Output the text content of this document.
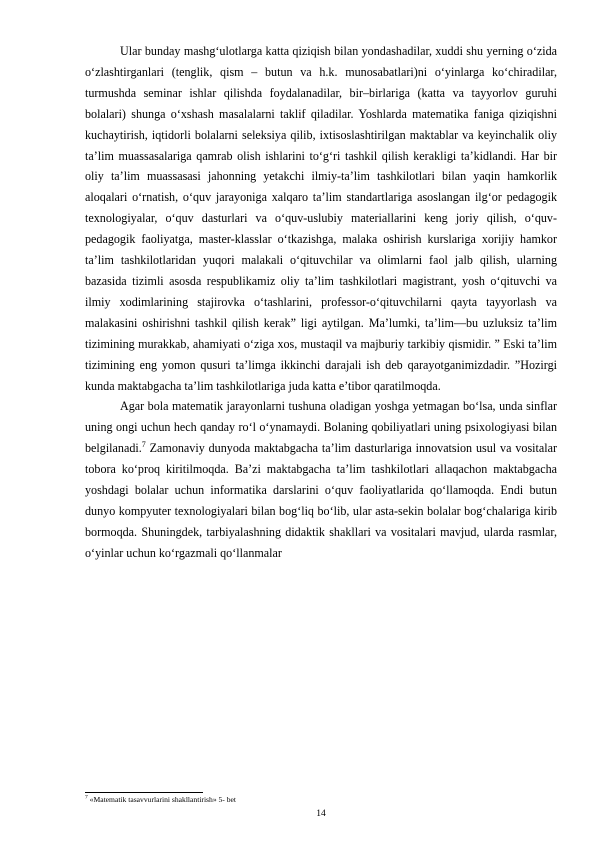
Ular bunday mashg‘ulotlarga katta qiziqish bilan yondashadilar, xuddi shu yerning o‘zida o‘zlashtirganlari (tenglik, qism – butun va h.k. munosabatlari)ni o‘yinlarga ko‘chiradilar, turmushda seminar ishlar qilishda foydalanadilar, bir–birlariga (katta va tayyorlov guruhi bolalari) shunga o‘xshash masalalarni taklif qiladilar. Yoshlarda matematika faniga qiziqishni kuchaytirish, iqtidorli bolalarni seleksiya qilib, ixtisoslashtirilgan maktablar va keyinchalik oliy ta’lim muassasalariga qamrab olish ishlarini to‘g‘ri tashkil qilish kerakligi ta’kidlandi. Har bir oliy ta’lim muassasasi jahonning yetakchi ilmiy-ta’lim tashkilotlari bilan yaqin hamkorlik aloqalari o‘rnatish, o‘quv jarayoniga xalqaro ta’lim standartlariga asoslangan ilg‘or pedagogik texnologiyalar, o‘quv dasturlari va o‘quv-uslubiy materiallarini keng joriy qilish, o‘quv-pedagogik faoliyatga, master-klasslar o‘tkazishga, malaka oshirish kurslariga xorijiy hamkor ta’lim tashkilotlaridan yuqori malakali o‘qituvchilar va olimlarni faol jalb qilish, ularning bazasida tizimli asosda respublikamiz oliy ta’lim tashkilotlari magistrant, yosh o‘qituvchi va ilmiy xodimlarining stajirovka o‘tashlarini, professor-o‘qituvchilarni qayta tayyorlash va malakasini oshirishni tashkil qilish kerak” ligi aytilgan. Ma’lumki, ta’lim—bu uzluksiz ta’lim tizimining murakkab, ahamiyati o‘ziga xos, mustaqil va majburiy tarkibiy qismidir. ” Eski ta’lim tizimining eng yomon qusuri ta’limga ikkinchi darajali ish deb qarayotganimizdadir. ”Hozirgi kunda maktabgacha ta’lim tashkilotlariga juda katta e’tibor qaratilmoqda.

Agar bola matematik jarayonlarni tushuna oladigan yoshga yetmagan bo‘lsa, unda sinflar uning ongi uchun hech qanday ro‘l o‘ynamaydi. Bolaning qobiliyatlari uning psixologiyasi bilan belgilanadi.$^7$ Zamonaviy dunyoda maktabgacha ta’lim dasturlariga innovatsion usul va vositalar tobora ko‘proq kiritilmoqda. Ba’zi maktabgacha ta’lim tashkilotlari allaqachon maktabgacha yoshdagi bolalar uchun informatika darslarini o‘quv faoliyatlarida qo‘llamoqda. Endi butun dunyo kompyuter texnologiyalari bilan bog‘liq bo‘lib, ular asta-sekin bolalar bog‘chalariga kirib bormoqda. Shuningdek, tarbiyalashning didaktik shakllari va vositalari mavjud, ularda rasmlar, o‘yinlar uchun ko‘rgazmali qo‘llanmalar

$^7$ «Matematik tasavvurlarini shakllantirish» 5- bet
14
